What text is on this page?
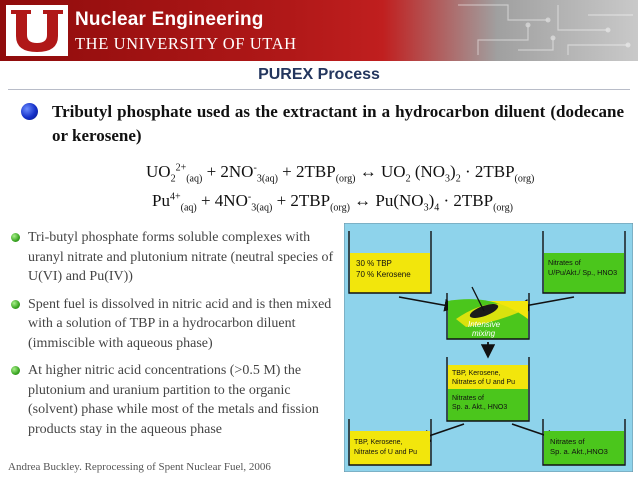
Nuclear Engineering
THE UNIVERSITY OF UTAH
PUREX Process
Tributyl phosphate used as the extractant in a hydrocarbon diluent (dodecane or kerosene)
$UO_2^{2+}_{(aq)} + 2NO^-_{3(aq)} + 2TBP_{(org)}$ ↔ $UO_2$ $(NO_3)_2 \cdot 2TBP_{(org)}$
$Pu^{4+}_{(aq)} + 4NO^-_{3(aq)} + 2TBP_{(org)}$ ↔ $Pu(NO_3)_4 \cdot 2TBP_{(org)}$
Tri-butyl phosphate forms soluble complexes with uranyl nitrate and plutonium nitrate (neutral species of U(VI) and Pu(IV))
Spent fuel is dissolved in nitric acid and is then mixed with a solution of TBP in a hydrocarbon diluent (immiscible with aqueous phase)
At higher nitric acid concentrations (>0.5 M) the plutonium and uranium partition to the organic (solvent) phase while most of the metals and fission products stay in the aqueous phase
Andrea Buckley. Reprocessing of Spent Nuclear Fuel, 2006
30 % TBP
70 % Kerosene
Nitrates of
U/Pu/Akt./ Sp., HNO3
Intensive
mixing
TBP, Kerosene,
Nitrates of U and Pu
Nitrates of
Sp. a. Akt., HNO3
TBP, Kerosene,
Nitrates of U and Pu
Nitrates of
Sp. a. Akt.,HNO3
